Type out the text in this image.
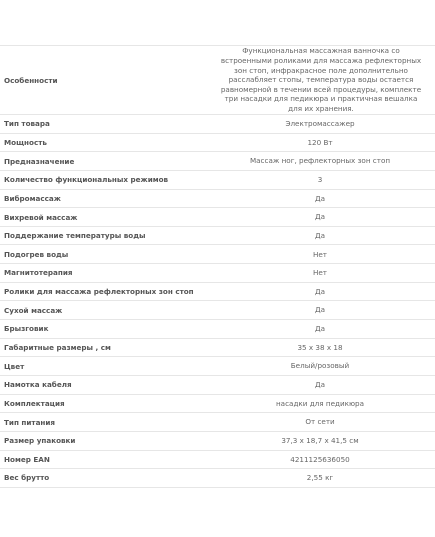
Особенности
Функциональная массажная ванночка со встроенными роликами для массажа рефлекторных зон стоп, инфракрасное поле дополнительно расслабляет стопы, температура воды остается равномерной в течении всей процедуры, комплекте три насадки для педикюра и практичная вешалка для их хранения.
Тип товара	Электромассажер
Мощность	120 Вт
Предназначение	Массаж ног, рефлекторных зон стоп
Количество функциональных режимов	3
Вибромассаж	Да
Вихревой массаж	Да
Поддержание температуры воды	Да
Подогрев воды	Нет
Магнитотерапия	Нет
Ролики для массажа рефлекторных зон стоп	Да
Сухой массаж	Да
Брызговик	Да
Габаритные размеры , см	35 х 38 х 18
Цвет	Белый/розовый
Намотка кабеля	Да
Комплектация	насадки для педикюра
Тип питания	От сети
Размер упаковки	37,3 х 18,7 х 41,5 см
Номер EAN	4211125636050
Вес брутто	2,55 кг
